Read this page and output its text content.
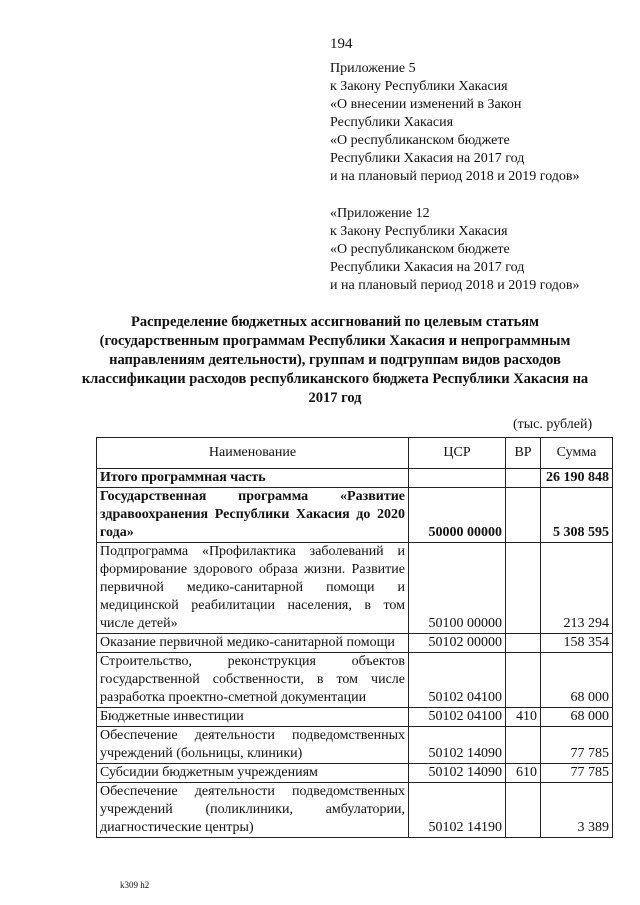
194
Приложение 5
к Закону Республики Хакасия
«О внесении изменений в Закон
Республики Хакасия
«О республиканском бюджете
Республики Хакасия на 2017 год
и на плановый период 2018 и 2019 годов»
«Приложение 12
к Закону Республики Хакасия
«О республиканском бюджете
Республики Хакасия на 2017 год
и на плановый период 2018 и 2019 годов»
Распределение бюджетных ассигнований по целевым статьям (государственным программам Республики Хакасия и непрограммным направлениям деятельности), группам и подгруппам видов расходов классификации расходов республиканского бюджета Республики Хакасия на 2017 год
(тыс. рублей)
Наименование	ЦСР	ВР	Сумма
Итого программная часть			26 190 848
Государственная программа «Развитие здравоохранения Республики Хакасия до 2020 года»	50000 00000		5 308 595
Подпрограмма «Профилактика заболеваний и формирование здорового образа жизни. Развитие первичной медико-санитарной помощи и медицинской реабилитации населения, в том числе детей»	50100 00000		213 294
Оказание первичной медико-санитарной помощи	50102 00000		158 354
Строительство, реконструкция объектов государственной собственности, в том числе разработка проектно-сметной документации	50102 04100		68 000
Бюджетные инвестиции	50102 04100	410	68 000
Обеспечение деятельности подведомственных учреждений (больницы, клиники)	50102 14090		77 785
Субсидии бюджетным учреждениям	50102 14090	610	77 785
Обеспечение деятельности подведомственных учреждений (поликлиники, амбулатории, диагностические центры)	50102 14190		3 389
k309 h2
